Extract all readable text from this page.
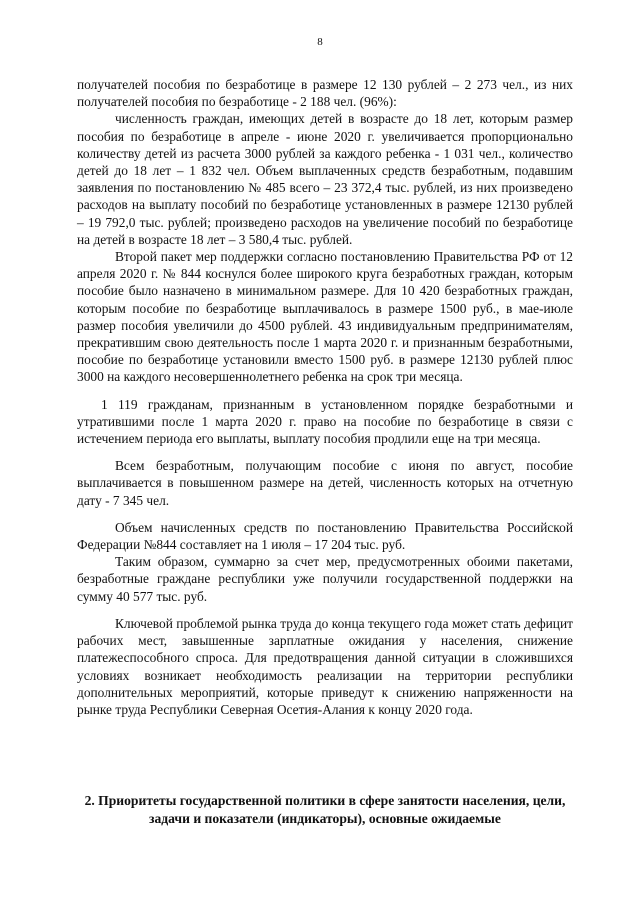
8

получателей пособия по безработице в размере 12 130 рублей – 2 273 чел., из них получателей пособия по безработице - 2 188 чел. (96%):

численность граждан, имеющих детей в возрасте до 18 лет, которым размер пособия по безработице в апреле - июне 2020 г. увеличивается пропорционально количеству детей из расчета 3000 рублей за каждого ребенка - 1 031 чел., количество детей до 18 лет – 1 832 чел. Объем выплаченных средств безработным, подавшим заявления по постановлению № 485 всего – 23 372,4 тыс. рублей, из них произведено расходов на выплату пособий по безработице установленных в размере 12130 рублей – 19 792,0 тыс. рублей; произведено расходов на увеличение пособий по безработице на детей в возрасте 18 лет – 3 580,4 тыс. рублей.

Второй пакет мер поддержки согласно постановлению Правительства РФ от 12 апреля 2020 г. № 844 коснулся более широкого круга безработных граждан, которым пособие было назначено в минимальном размере. Для 10 420 безработных граждан, которым пособие по безработице выплачивалось в размере 1500 руб., в мае-июле размер пособия увеличили до 4500 рублей. 43 индивидуальным предпринимателям, прекратившим свою деятельность после 1 марта 2020 г. и признанным безработными, пособие по безработице установили вместо 1500 руб. в размере 12130 рублей плюс 3000 на каждого несовершеннолетнего ребенка на срок три месяца.

1 119 гражданам, признанным в установленном порядке безработными и утратившими после 1 марта 2020 г. право на пособие по безработице в связи с истечением периода его выплаты, выплату пособия продлили еще на три месяца.

Всем безработным, получающим пособие с июня по август, пособие выплачивается в повышенном размере на детей, численность которых на отчетную дату - 7 345 чел.

Объем начисленных средств по постановлению Правительства Российской Федерации №844 составляет на 1 июля – 17 204 тыс. руб.

Таким образом, суммарно за счет мер, предусмотренных обоими пакетами, безработные граждане республики уже получили государственной поддержки на сумму 40 577 тыс. руб.

Ключевой проблемой рынка труда до конца текущего года может стать дефицит рабочих мест, завышенные зарплатные ожидания у населения, снижение платежеспособного спроса. Для предотвращения данной ситуации в сложившихся условиях возникает необходимость реализации на территории республики дополнительных мероприятий, которые приведут к снижению напряженности на рынке труда Республики Северная Осетия-Алания к концу 2020 года.

2. Приоритеты государственной политики в сфере занятости населения, цели, задачи и показатели (индикаторы), основные ожидаемые
